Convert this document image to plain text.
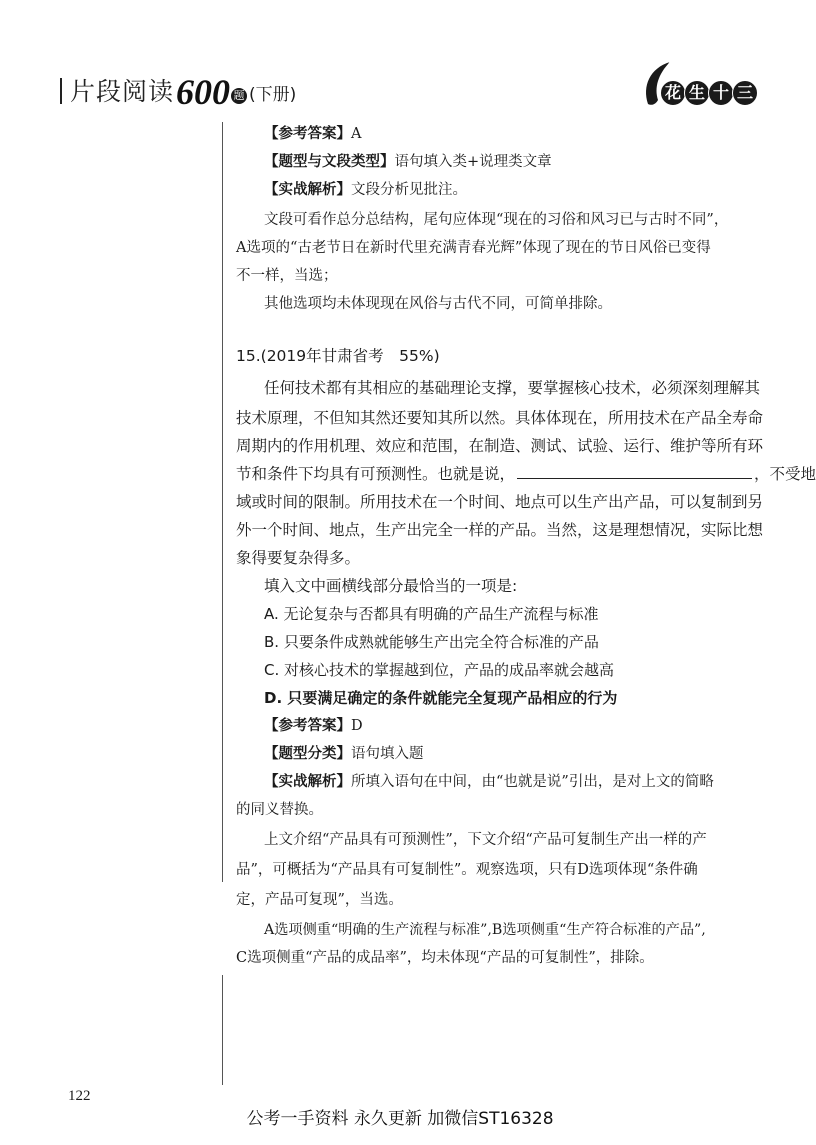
片段阅读 600 题 (下册)	花 生 十 三
【参考答案】A
【题型与文段类型】语句填入类+说理类文章
【实战解析】文段分析见批注。
文段可看作总分总结构，尾句应体现“现在的习俗和风习已与古时不同”，
A选项的“古老节日在新时代里充满青春光辉”体现了现在的节日风俗已变得
不一样，当选；
其他选项均未体现现在风俗与古代不同，可简单排除。
15.(2019年甘肃省考　55%)
任何技术都有其相应的基础理论支撑，要掌握核心技术，必须深刻理解其
技术原理，不但知其然还要知其所以然。具体体现在，所用技术在产品全寿命
周期内的作用机理、效应和范围，在制造、测试、试验、运行、维护等所有环
节和条件下均具有可预测性。也就是说，	，不受地
域或时间的限制。所用技术在一个时间、地点可以生产出产品，可以复制到另
外一个时间、地点，生产出完全一样的产品。当然，这是理想情况，实际比想
象得要复杂得多。
填入文中画横线部分最恰当的一项是:
A. 无论复杂与否都具有明确的产品生产流程与标准
B. 只要条件成熟就能够生产出完全符合标准的产品
C. 对核心技术的掌握越到位，产品的成品率就会越高
D. 只要满足确定的条件就能完全复现产品相应的行为
【参考答案】D
【题型分类】语句填入题
【实战解析】所填入语句在中间，由“也就是说”引出，是对上文的简略
的同义替换。
上文介绍“产品具有可预测性”，下文介绍“产品可复制生产出一样的产
品”，可概括为“产品具有可复制性”。观察选项，只有D选项体现“条件确
定，产品可复现”，当选。
A选项侧重“明确的生产流程与标准”,B选项侧重“生产符合标准的产品”,
C选项侧重“产品的成品率”，均未体现“产品的可复制性”，排除。
122
公考一手资料 永久更新 加微信ST16328
